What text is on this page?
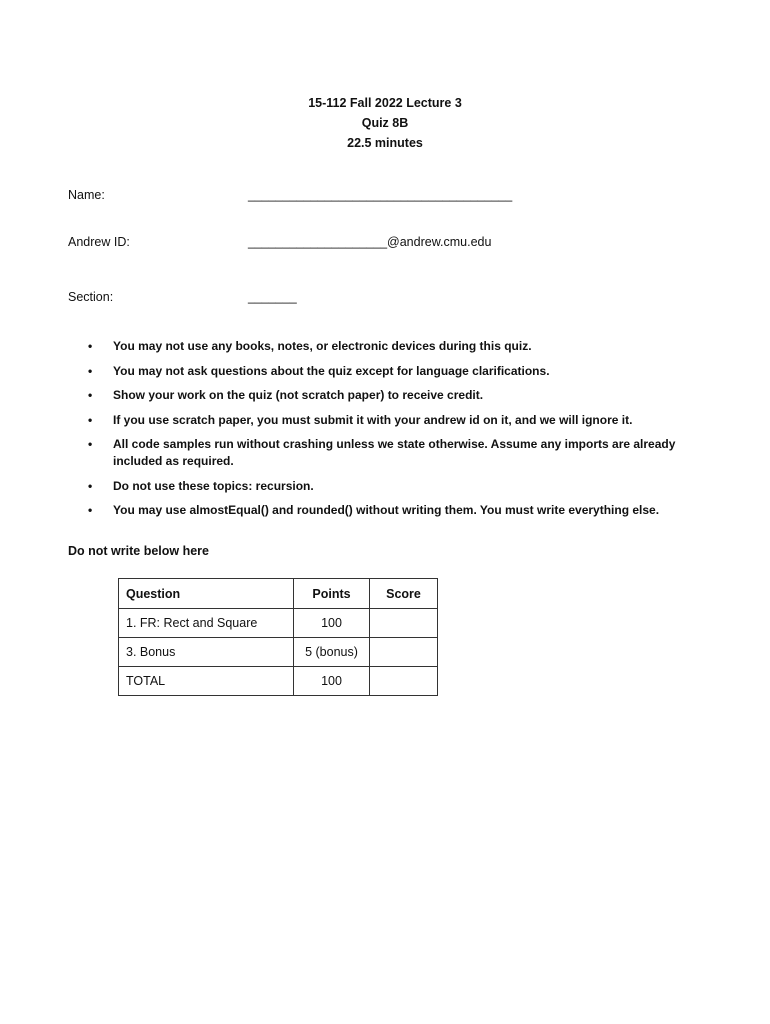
15-112 Fall 2022 Lecture 3
Quiz 8B
22.5 minutes
Name:	______________________________________
Andrew ID:	____________________@andrew.cmu.edu
Section:	_______
• You may not use any books, notes, or electronic devices during this quiz.
• You may not ask questions about the quiz except for language clarifications.
• Show your work on the quiz (not scratch paper) to receive credit.
• If you use scratch paper, you must submit it with your andrew id on it, and we will ignore it.
• All code samples run without crashing unless we state otherwise. Assume any imports are already included as required.
• Do not use these topics: recursion.
• You may use almostEqual() and rounded() without writing them. You must write everything else.
Do not write below here
Question	Points	Score
1. FR: Rect and Square	100	
3. Bonus	5 (bonus)	
TOTAL	100	
